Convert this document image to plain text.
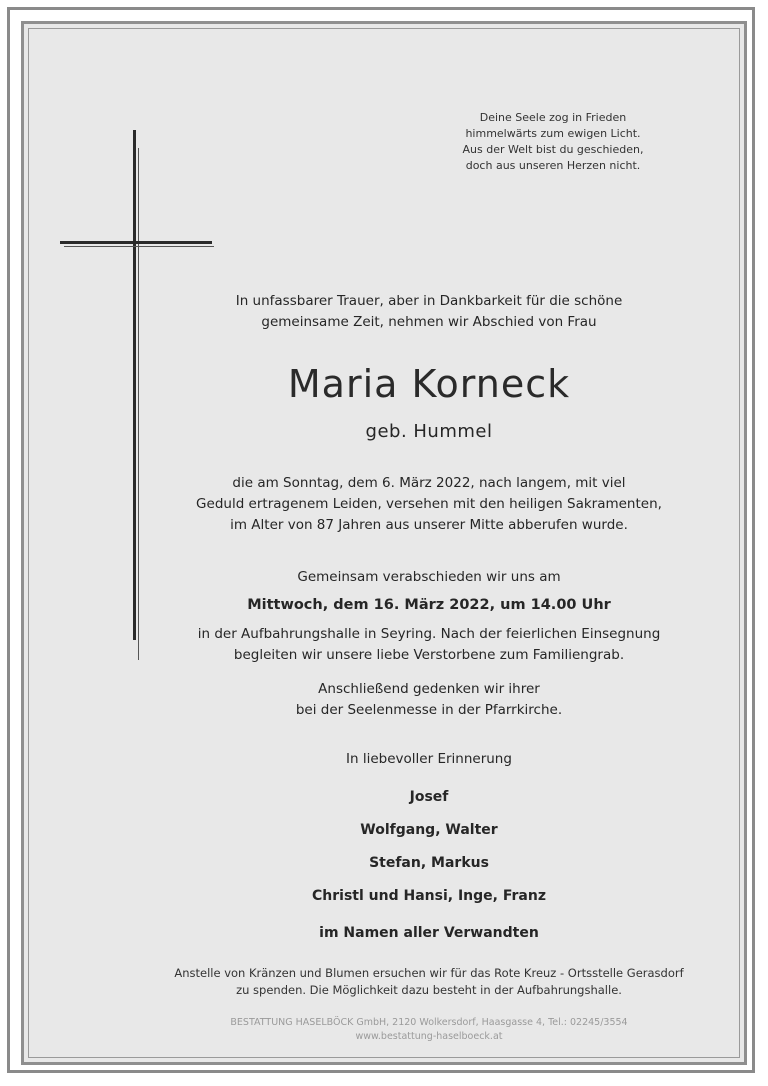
Deine Seele zog in Frieden
himmelwärts zum ewigen Licht.
Aus der Welt bist du geschieden,
doch aus unseren Herzen nicht.
In unfassbarer Trauer, aber in Dankbarkeit für die schöne
gemeinsame Zeit, nehmen wir Abschied von Frau
Maria Korneck
geb. Hummel
die am Sonntag, dem 6. März 2022, nach langem, mit viel
Geduld ertragenem Leiden, versehen mit den heiligen Sakramenten,
im Alter von 87 Jahren aus unserer Mitte abberufen wurde.
Gemeinsam verabschieden wir uns am
Mittwoch, dem 16. März 2022, um 14.00 Uhr
in der Aufbahrungshalle in Seyring. Nach der feierlichen Einsegnung
begleiten wir unsere liebe Verstorbene zum Familiengrab.
Anschließend gedenken wir ihrer
bei der Seelenmesse in der Pfarrkirche.
In liebevoller Erinnerung
Josef
Wolfgang, Walter
Stefan, Markus
Christl und Hansi, Inge, Franz
im Namen aller Verwandten
Anstelle von Kränzen und Blumen ersuchen wir für das Rote Kreuz - Ortsstelle Gerasdorf
zu spenden. Die Möglichkeit dazu besteht in der Aufbahrungshalle.
BESTATTUNG HASELBÖCK GmbH, 2120 Wolkersdorf, Haasgasse 4, Tel.: 02245/3554
www.bestattung-haselboeck.at
